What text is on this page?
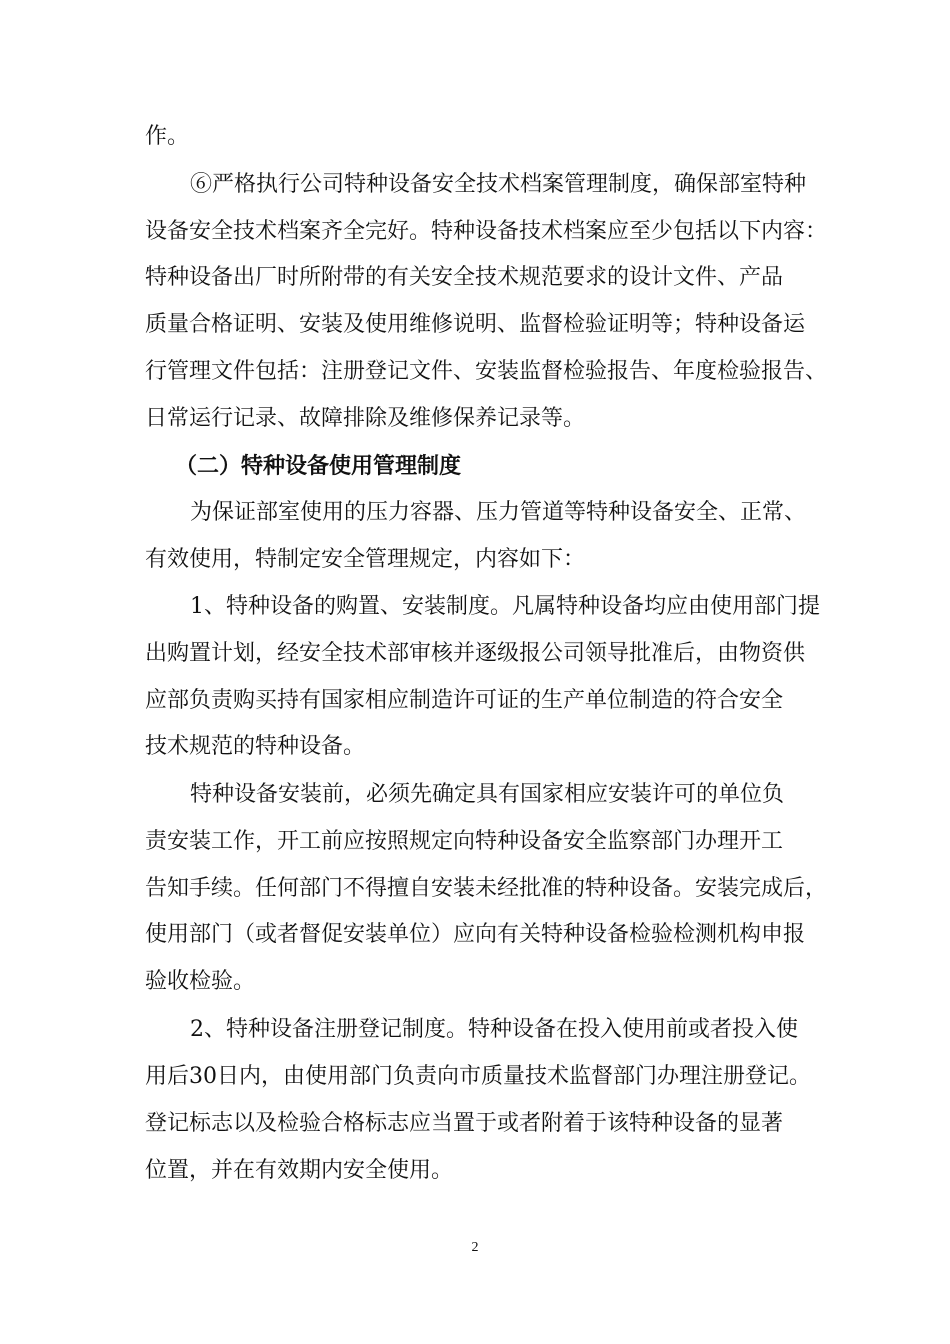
作。
⑥严格执行公司特种设备安全技术档案管理制度，确保部室特种
设备安全技术档案齐全完好。特种设备技术档案应至少包括以下内容：
特种设备出厂时所附带的有关安全技术规范要求的设计文件、产品
质量合格证明、安装及使用维修说明、监督检验证明等；特种设备运
行管理文件包括：注册登记文件、安装监督检验报告、年度检验报告、
日常运行记录、故障排除及维修保养记录等。
（二）特种设备使用管理制度
为保证部室使用的压力容器、压力管道等特种设备安全、正常、
有效使用，特制定安全管理规定，内容如下：
1、特种设备的购置、安装制度。凡属特种设备均应由使用部门提
出购置计划，经安全技术部审核并逐级报公司领导批准后，由物资供
应部负责购买持有国家相应制造许可证的生产单位制造的符合安全
技术规范的特种设备。
特种设备安装前，必须先确定具有国家相应安装许可的单位负
责安装工作，开工前应按照规定向特种设备安全监察部门办理开工
告知手续。任何部门不得擅自安装未经批准的特种设备。安装完成后，
使用部门（或者督促安装单位）应向有关特种设备检验检测机构申报
验收检验。
2、特种设备注册登记制度。特种设备在投入使用前或者投入使
用后30日内，由使用部门负责向市质量技术监督部门办理注册登记。
登记标志以及检验合格标志应当置于或者附着于该特种设备的显著
位置，并在有效期内安全使用。
2
